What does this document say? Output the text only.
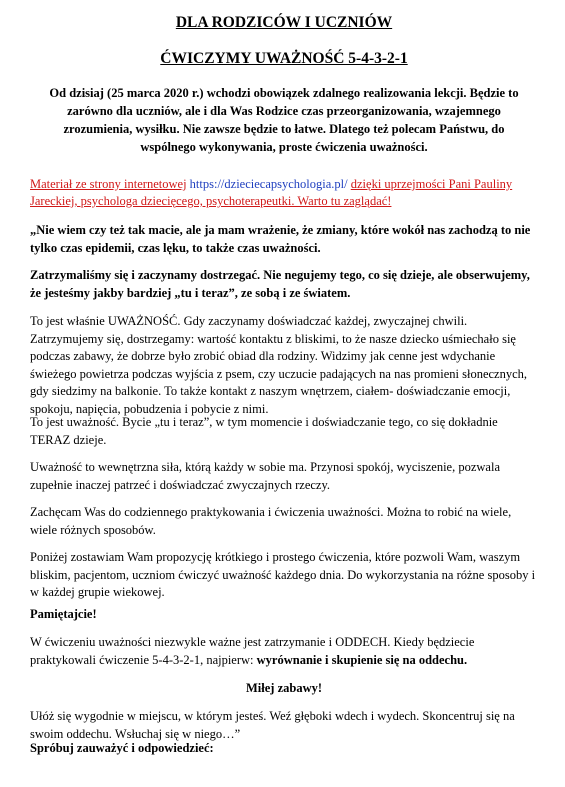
DLA RODZICÓW I UCZNIÓW
ĆWICZYMY UWAŻNOŚĆ 5-4-3-2-1
Od dzisiaj (25 marca 2020 r.) wchodzi obowiązek zdalnego realizowania lekcji. Będzie to zarówno dla uczniów, ale i dla Was Rodzice czas przeorganizowania, wzajemnego zrozumienia, wysiłku. Nie zawsze będzie to łatwe. Dlatego też polecam Państwu, do wspólnego wykonywania, proste ćwiczenia uważności.
Materiał ze strony internetowej https://dzieciecapsychologia.pl/ dzięki uprzejmości Pani Pauliny Jareckiej, psychologa dziecięcego, psychoterapeutki. Warto tu zaglądać!
„Nie wiem czy też tak macie, ale ja mam wrażenie, że zmiany, które wokół nas zachodzą to nie tylko czas epidemii, czas lęku, to także czas uważności.
Zatrzymaliśmy się i zaczynamy dostrzegać. Nie negujemy tego, co się dzieje, ale obserwujemy, że jesteśmy jakby bardziej „tu i teraz”, ze sobą i ze światem.
To jest właśnie UWAŻNOŚĆ. Gdy zaczynamy doświadczać każdej, zwyczajnej chwili. Zatrzymujemy się, dostrzegamy: wartość kontaktu z bliskimi, to że nasze dziecko uśmiechało się podczas zabawy, że dobrze było zrobić obiad dla rodziny. Widzimy jak cenne jest wdychanie świeżego powietrza podczas wyjścia z psem, czy uczucie padających na nas promieni słonecznych, gdy siedzimy na balkonie. To także kontakt z naszym wnętrzem, ciałem- doświadczanie emocji, spokoju, napięcia, pobudzenia i pobycie z nimi.
To jest uważność. Bycie „tu i teraz”, w tym momencie i doświadczanie tego, co się dokładnie TERAZ dzieje.
Uważność to wewnętrzna siła, którą każdy w sobie ma. Przynosi spokój, wyciszenie, pozwala zupełnie inaczej patrzeć i doświadczać zwyczajnych rzeczy.
Zachęcam Was do codziennego praktykowania i ćwiczenia uważności. Można to robić na wiele, wiele różnych sposobów.
Poniżej zostawiam Wam propozycję krótkiego i prostego ćwiczenia, które pozwoli Wam, waszym bliskim, pacjentom, uczniom ćwiczyć uważność każdego dnia. Do wykorzystania na różne sposoby i w każdej grupie wiekowej.
Pamiętajcie!
W ćwiczeniu uważności niezwykle ważne jest zatrzymanie i ODDECH. Kiedy będziecie praktykowali ćwiczenie 5-4-3-2-1, najpierw: wyrównanie i skupienie się na oddechu.
Miłej zabawy!
Ułóż się wygodnie w miejscu, w którym jesteś. Weź głęboki wdech i wydech. Skoncentruj się na swoim oddechu. Wsłuchaj się w niego…”
Spróbuj zauważyć i odpowiedzieć:
